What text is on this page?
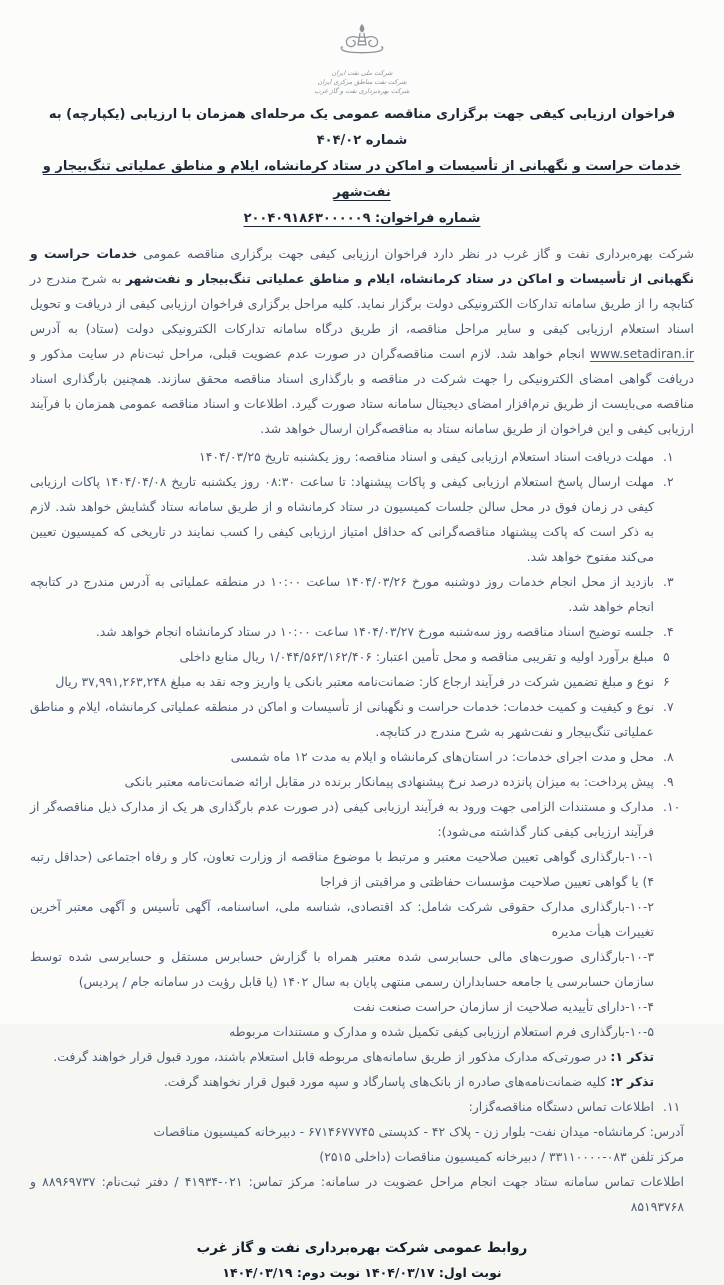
شرکت ملی نفت ایران
شرکت نفت مناطق مرکزی ایران
شرکت بهره‌برداری نفت و گاز غرب
فراخوان ارزیابی کیفی جهت برگزاری مناقصه عمومی یک مرحله‌ای همزمان با ارزیابی (یکپارچه) به شماره ۴۰۴/۰۲
خدمات حراست و نگهبانی از تأسیسات و اماکن در ستاد کرمانشاه، ایلام و مناطق عملیاتی تنگ‌بیجار و نفت‌شهر
شماره فراخوان: ۲۰۰۴۰۹۱۸۶۳۰۰۰۰۰۹
شرکت بهره‌برداری نفت و گاز غرب در نظر دارد فراخوان ارزیابی کیفی جهت برگزاری مناقصه عمومی خدمات حراست و نگهبانی از تأسیسات و اماکن در ستاد کرمانشاه، ایلام و مناطق عملیاتی تنگ‌بیجار و نفت‌شهر به شرح مندرج در کتابچه را از طریق سامانه تدارکات الکترونیکی دولت برگزار نماید. کلیه مراحل برگزاری فراخوان ارزیابی کیفی از دریافت و تحویل اسناد استعلام ارزیابی کیفی و سایر مراحل مناقصه، از طریق درگاه سامانه تدارکات الکترونیکی دولت (ستاد) به آدرس www.setadiran.ir انجام خواهد شد. لازم است مناقصه‌گران در صورت عدم عضویت قبلی، مراحل ثبت‌نام در سایت مذکور و دریافت گواهی امضای الکترونیکی را جهت شرکت در مناقصه و بارگذاری اسناد مناقصه محقق سازند. همچنین بارگذاری اسناد مناقصه می‌بایست از طریق نرم‌افزار امضای دیجیتال سامانه ستاد صورت گیرد. اطلاعات و اسناد مناقصه عمومی همزمان با فرآیند ارزیابی کیفی و این فراخوان از طریق سامانه ستاد به مناقصه‌گران ارسال خواهد شد.
۱.
مهلت دریافت اسناد استعلام ارزیابی کیفی و اسناد مناقصه: روز یکشنبه تاریخ ۱۴۰۴/۰۳/۲۵
۲.
مهلت ارسال پاسخ استعلام ارزیابی کیفی و پاکات پیشنهاد: تا ساعت ۰۸:۳۰ روز یکشنبه تاریخ ۱۴۰۴/۰۴/۰۸ پاکات ارزیابی کیفی در زمان فوق در محل سالن جلسات کمیسیون در ستاد کرمانشاه و از طریق سامانه ستاد گشایش خواهد شد. لازم به ذکر است که پاکت پیشنهاد مناقصه‌گرانی که حداقل امتیاز ارزیابی کیفی را کسب نمایند در تاریخی که کمیسیون تعیین می‌کند مفتوح خواهد شد.
۳.
بازدید از محل انجام خدمات روز دوشنبه مورخ ۱۴۰۴/۰۳/۲۶ ساعت ۱۰:۰۰ در منطقه عملیاتی به آدرس مندرج در کتابچه انجام خواهد شد.
۴.
جلسه توضیح اسناد مناقصه روز سه‌شنبه مورخ ۱۴۰۴/۰۳/۲۷ ساعت ۱۰:۰۰ در ستاد کرمانشاه انجام خواهد شد.
۵
مبلغ برآورد اولیه و تقریبی مناقصه و محل تأمین اعتبار: ۱/۰۴۴/۵۶۳/۱۶۲/۴۰۶ ریال منابع داخلی
۶
نوع و مبلغ تضمین شرکت در فرآیند ارجاع کار: ضمانت‌نامه معتبر بانکی یا واریز وجه نقد به مبلغ ۳۷,۹۹۱,۲۶۳,۲۴۸ ریال
۷.
نوع و کیفیت و کمیت خدمات: خدمات حراست و نگهبانی از تأسیسات و اماکن در منطقه عملیاتی کرمانشاه، ایلام و مناطق عملیاتی تنگ‌بیجار و نفت‌شهر به شرح مندرج در کتابچه.
۸.
محل و مدت اجرای خدمات: در استان‌های کرمانشاه و ایلام به مدت ۱۲ ماه شمسی
۹.
پیش پرداخت: به میزان پانزده درصد نرخ پیشنهادی پیمانکار برنده در مقابل ارائه ضمانت‌نامه معتبر بانکی
۱۰.
مدارک و مستندات الزامی جهت ورود به فرآیند ارزیابی کیفی (در صورت عدم بارگذاری هر یک از مدارک ذیل مناقصه‌گر از فرآیند ارزیابی کیفی کنار گذاشته می‌شود):
۱۰-۱-بارگذاری گواهی تعیین صلاحیت معتبر و مرتبط با موضوع مناقصه از وزارت تعاون، کار و رفاه اجتماعی (حداقل رتبه ۴) یا گواهی تعیین صلاحیت مؤسسات حفاظتی و مراقبتی از فراجا
۱۰-۲-بارگذاری مدارک حقوقی شرکت شامل: کد اقتصادی، شناسه ملی، اساسنامه، آگهی تأسیس و آگهی معتبر آخرین تغییرات هیأت مدیره
۱۰-۳-بارگذاری صورت‌های مالی حسابرسی شده معتبر همراه با گزارش حسابرس مستقل و حسابرسی شده توسط سازمان حسابرسی یا جامعه حسابداران رسمی منتهی پایان به سال ۱۴۰۲ (یا قابل رؤیت در سامانه جام / پردیس)
۱۰-۴-دارای تأییدیه صلاحیت از سازمان حراست صنعت نفت
۱۰-۵-بارگذاری فرم استعلام ارزیابی کیفی تکمیل شده و مدارک و مستندات مربوطه
تذکر ۱: در صورتی‌که مدارک مذکور از طریق سامانه‌های مربوطه قابل استعلام باشند، مورد قبول قرار خواهند گرفت.
تذکر ۲: کلیه ضمانت‌نامه‌های صادره از بانک‌های پاسارگاد و سپه مورد قبول قرار نخواهند گرفت.
۱۱.
اطلاعات تماس دستگاه مناقصه‌گزار:
آدرس: کرمانشاه- میدان نفت- بلوار زن - پلاک ۴۲ - کدپستی ۶۷۱۴۶۷۷۷۴۵ - دبیرخانه کمیسیون مناقصات
مرکز تلفن ۰۸۳-۳۳۱۱۰۰۰۰ / دبیرخانه کمیسیون مناقصات (داخلی ۲۵۱۵)
اطلاعات تماس سامانه ستاد جهت انجام مراحل عضویت در سامانه: مرکز تماس: ۰۲۱-۴۱۹۳۴ / دفتر ثبت‌نام: ۸۸۹۶۹۷۳۷ و ۸۵۱۹۳۷۶۸
روابط عمومی شرکت بهره‌برداری نفت و گاز غرب
نوبت اول: ۱۴۰۴/۰۳/۱۷ نوبت دوم: ۱۴۰۴/۰۳/۱۹
